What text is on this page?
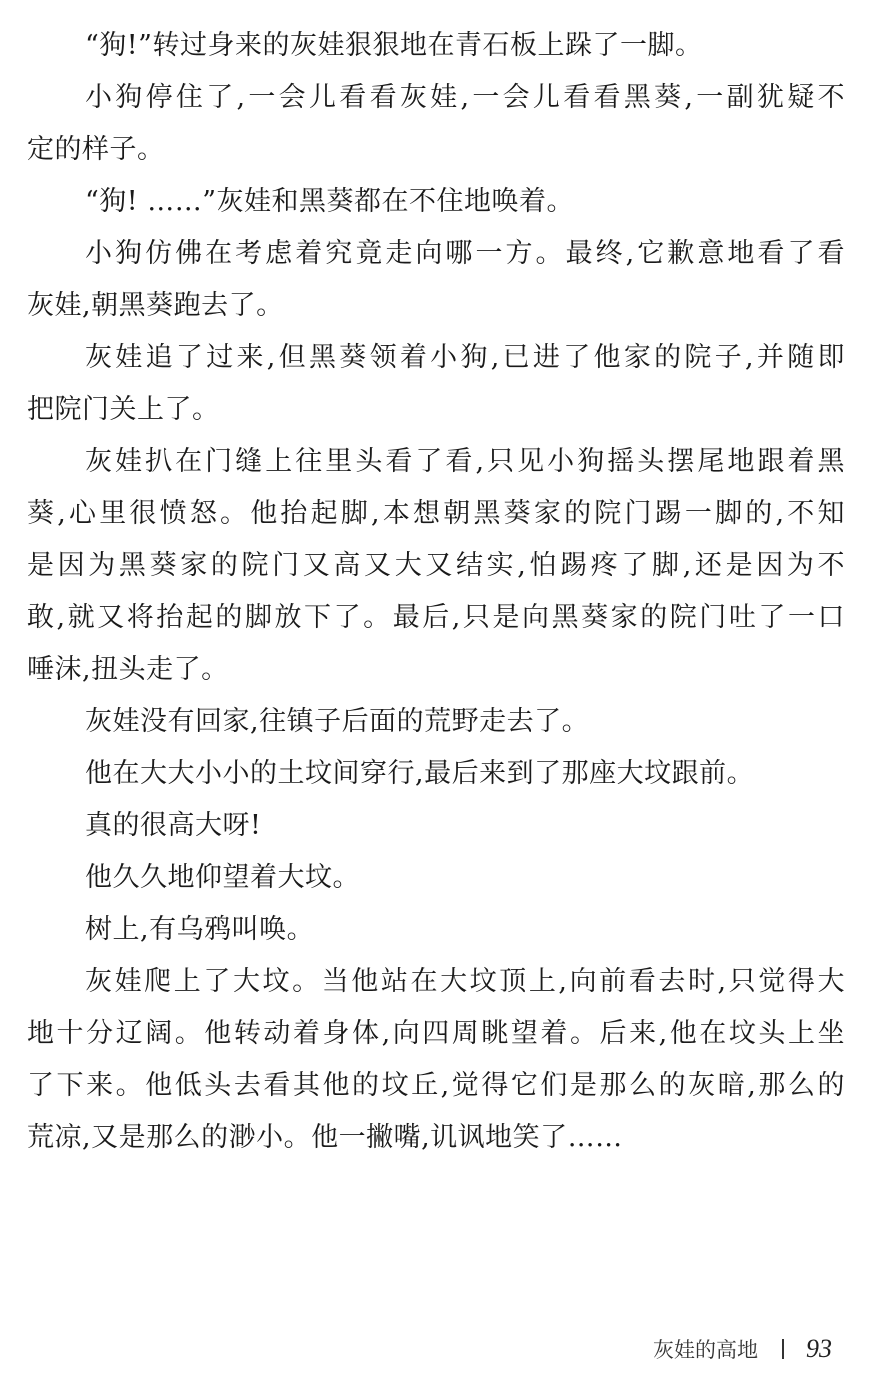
“狗!”转过身来的灰娃狠狠地在青石板上跺了一脚。
小狗停住了,一会儿看看灰娃,一会儿看看黑葵,一副犹疑不
定的样子。
“狗! ……”灰娃和黑葵都在不住地唤着。
小狗仿佛在考虑着究竟走向哪一方。最终,它歉意地看了看
灰娃,朝黑葵跑去了。
灰娃追了过来,但黑葵领着小狗,已进了他家的院子,并随即
把院门关上了。
灰娃扒在门缝上往里头看了看,只见小狗摇头摆尾地跟着黑
葵,心里很愤怒。他抬起脚,本想朝黑葵家的院门踢一脚的,不知
是因为黑葵家的院门又高又大又结实,怕踢疼了脚,还是因为不
敢,就又将抬起的脚放下了。最后,只是向黑葵家的院门吐了一口
唾沫,扭头走了。
灰娃没有回家,往镇子后面的荒野走去了。
他在大大小小的土坟间穿行,最后来到了那座大坟跟前。
真的很高大呀!
他久久地仰望着大坟。
树上,有乌鸦叫唤。
灰娃爬上了大坟。当他站在大坟顶上,向前看去时,只觉得大
地十分辽阔。他转动着身体,向四周眺望着。后来,他在坟头上坐
了下来。他低头去看其他的坟丘,觉得它们是那么的灰暗,那么的
荒凉,又是那么的渺小。他一撇嘴,讥讽地笑了……
灰娃的高地 93
